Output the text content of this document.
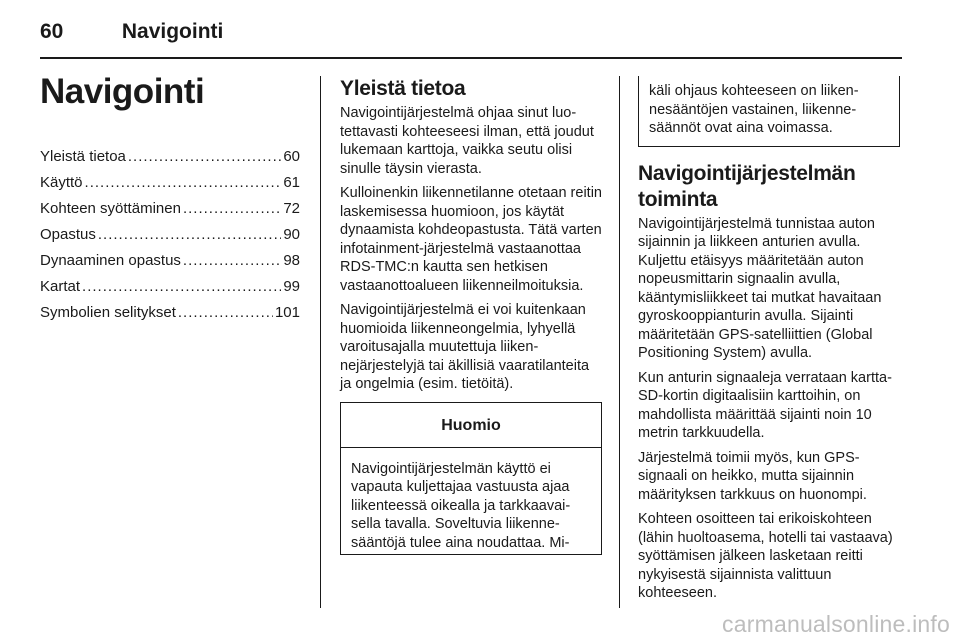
60	Navigointi
Navigointi
Yleistä tietoa .....	60
Käyttö .....	61
Kohteen syöttäminen .....	72
Opastus .....	90
Dynaaminen opastus .....	98
Kartat .....	99
Symbolien selitykset .....	101
Yleistä tietoa

Navigointijärjestelmä ohjaa sinut luotettavasti kohteeseesi ilman, että joudut lukemaan karttoja, vaikka seutu olisi sinulle täysin vierasta.

Kulloinenkin liikennetilanne otetaan reitin laskemisessa huomioon, jos käytät dynaamista kohdeopastusta. Tätä varten infotainment-järjestelmä vastaanottaa RDS-TMC:n kautta sen hetkisen vastaanottoalueen liikenneilmoituksia.

Navigointijärjestelmä ei voi kuitenkaan huomioida liikenneongelmia, lyhyellä varoitusajalla muutettuja liikennejärjestelyjä tai äkillisiä vaaratilanteita ja ongelmia (esim. tietöitä).

Huomio

Navigointijärjestelmän käyttö ei vapauta kuljettajaa vastuusta ajaa liikenteessä oikealla ja tarkkaavaisella tavalla. Soveltuvia liikennesääntöjä tulee aina noudattaa. Mi-

käli ohjaus kohteeseen on liikennesääntöjen vastainen, liikennesäännöt ovat aina voimassa.

Navigointijärjestelmän toiminta

Navigointijärjestelmä tunnistaa auton sijainnin ja liikkeen anturien avulla. Kuljettu etäisyys määritetään auton nopeusmittarin signaalin avulla, kääntymisliikkeet tai mutkat havaitaan gyroskooppianturin avulla. Sijainti määritetään GPS-satelliittien (Global Positioning System) avulla.

Kun anturin signaaleja verrataan kartta-SD-kortin digitaalisiin karttoihin, on mahdollista määrittää sijainti noin 10 metrin tarkkuudella.

Järjestelmä toimii myös, kun GPS-signaali on heikko, mutta sijainnin määrityksen tarkkuus on huonompi.

Kohteen osoitteen tai erikoiskohteen (lähin huoltoasema, hotelli tai vastaava) syöttämisen jälkeen lasketaan reitti nykyisestä sijainnista valittuun kohteeseen.

carmanualsonline.info
